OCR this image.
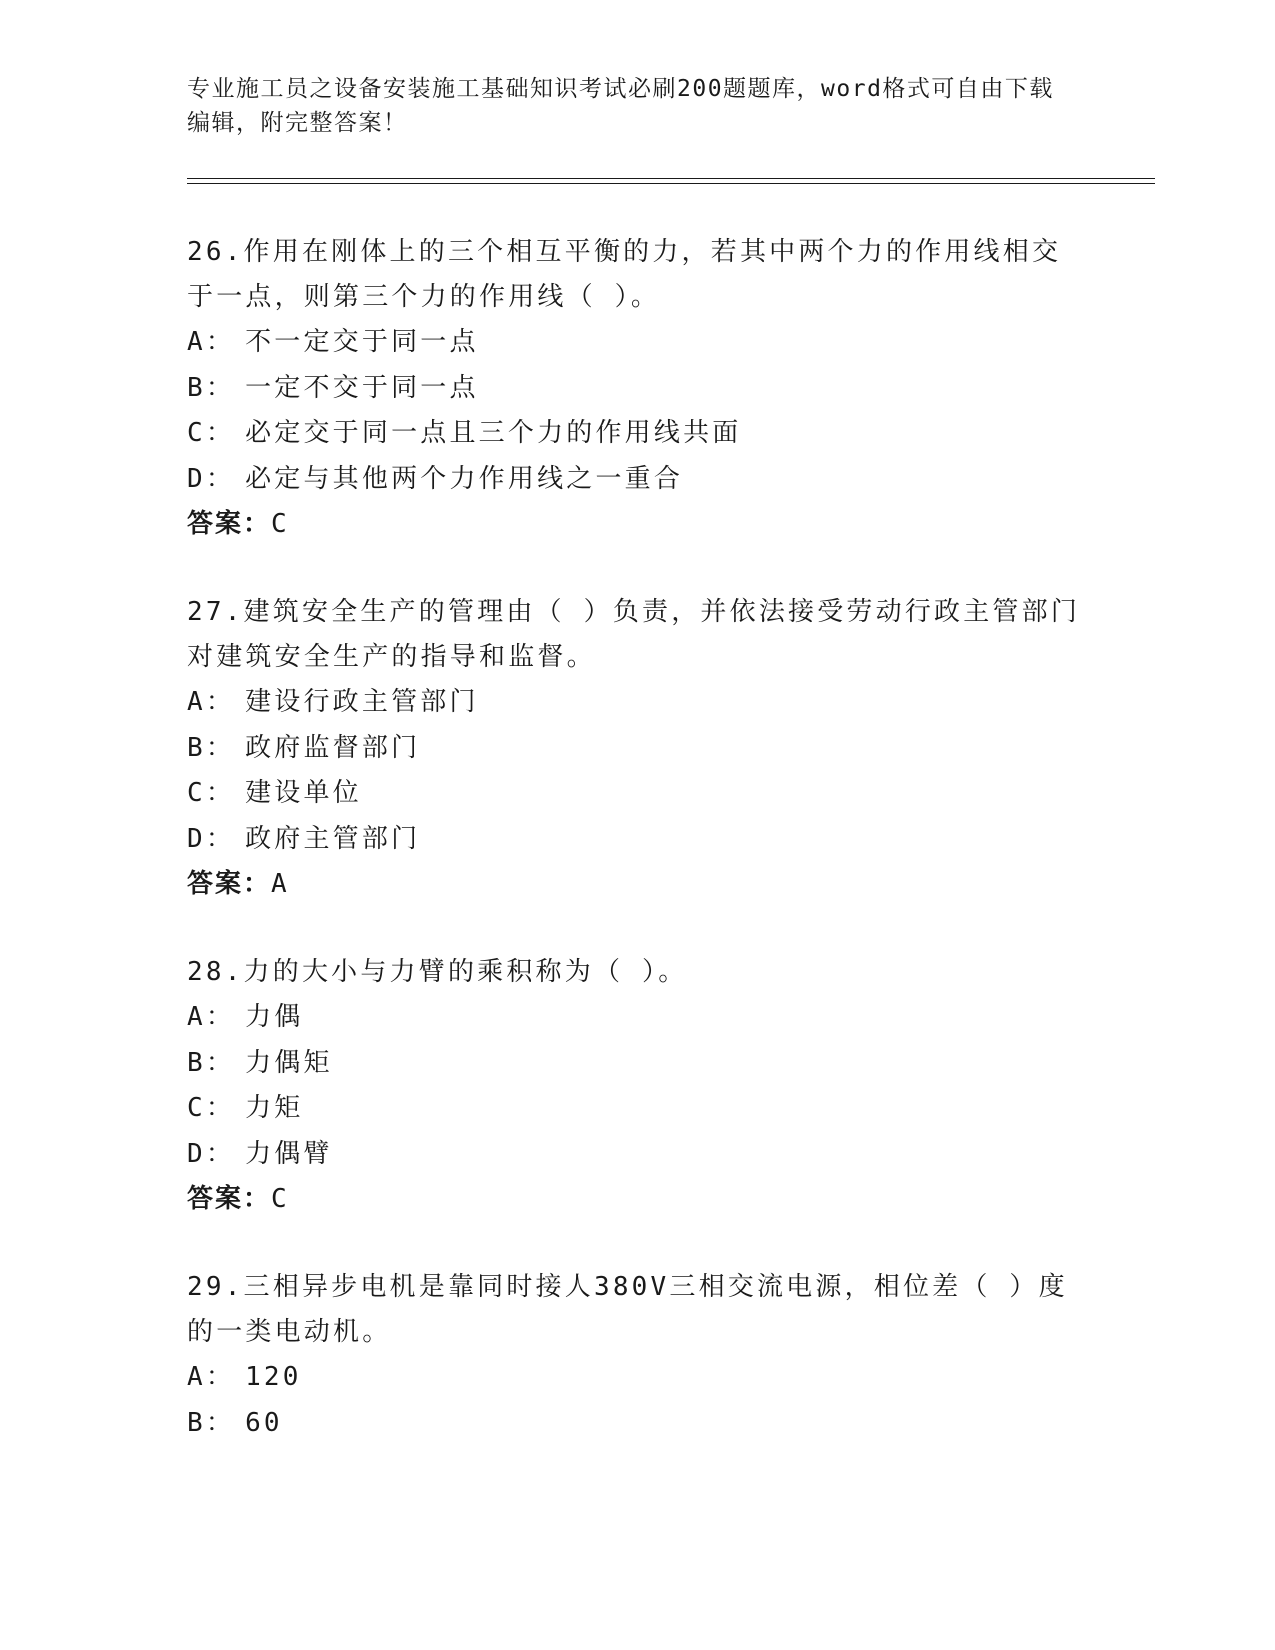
专业施工员之设备安装施工基础知识考试必刷200题题库，word格式可自由下载编辑，附完整答案！

26.作用在刚体上的三个相互平衡的力，若其中两个力的作用线相交于一点，则第三个力的作用线（ ）。

A： 不一定交于同一点

B： 一定不交于同一点

C： 必定交于同一点且三个力的作用线共面

D： 必定与其他两个力作用线之一重合

答案：C

27.建筑安全生产的管理由（ ）负责，并依法接受劳动行政主管部门对建筑安全生产的指导和监督。

A： 建设行政主管部门

B： 政府监督部门

C： 建设单位

D： 政府主管部门

答案：A

28.力的大小与力臂的乘积称为（ ）。

A： 力偶

B： 力偶矩

C： 力矩

D： 力偶臂

答案：C

29.三相异步电机是靠同时接人380V三相交流电源，相位差（ ）度的一类电动机。

A： 120

B： 60
